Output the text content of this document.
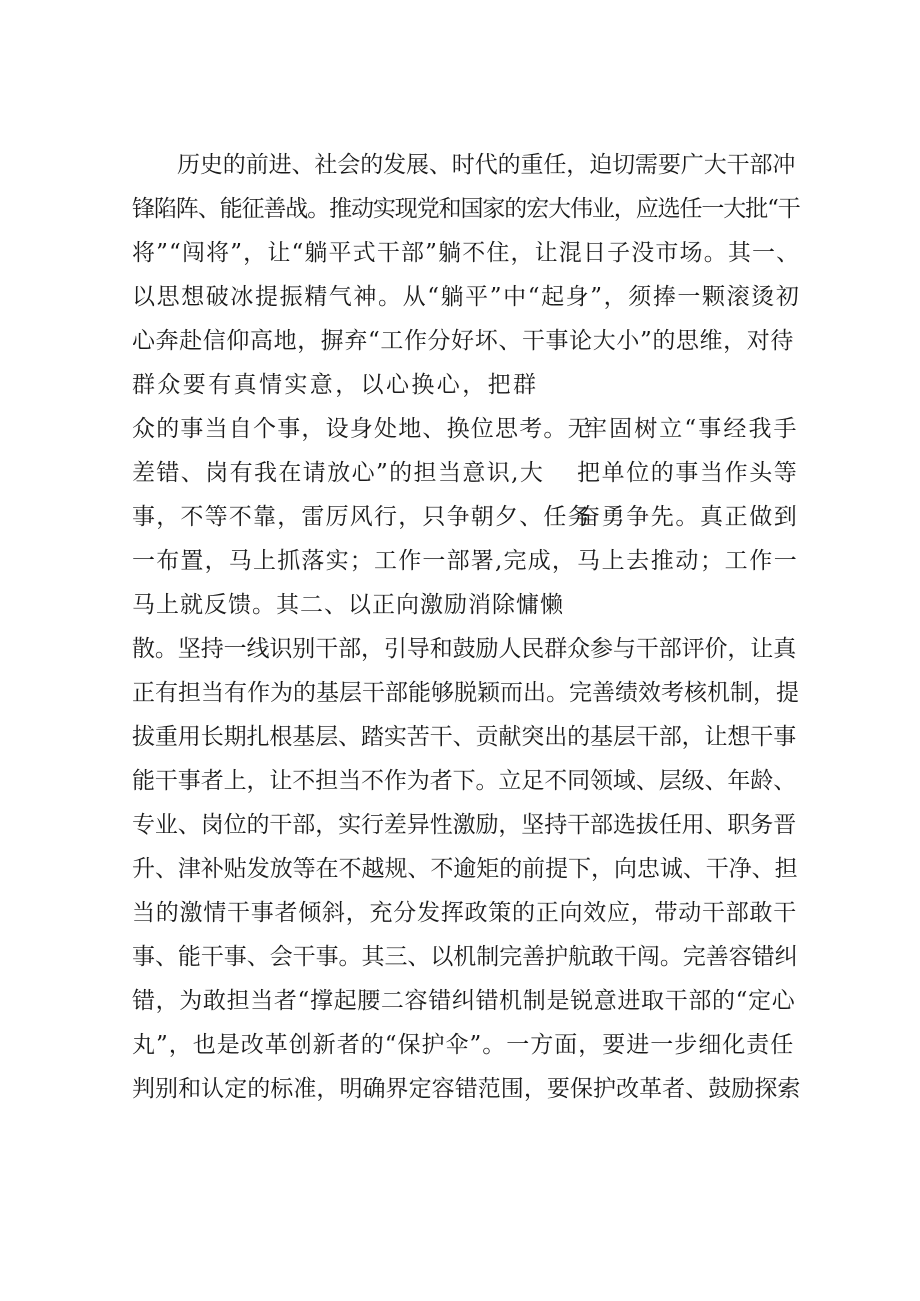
历史的前进、社会的发展、时代的重任，迫切需要广大干部冲
锋陷阵、能征善战。推动实现党和国家的宏大伟业，应选任一大批“干
将”“闯将”，让“躺平式干部”躺不住，让混日子没市场。其一、
以思想破冰提振精气神。从“躺平”中“起身”，须捧一颗滚烫初
心奔赴信仰高地，摒弃“工作分好坏、干事论大小”的思维，对待
群众要有真情实意，以心换心，把群
众的事当自个事，设身处地、换位思考。无
差错、岗有我在请放心”的担当意识,大
事，不等不靠，雷厉风行，只争朝夕、任务
一布置，马上抓落实；工作一部署,完成，
马上就反馈。其二、以正向激励消除慵懒
牢固树立“事经我手
把单位的事当作头等
奋勇争先。真正做到
马上去推动；工作一
散。坚持一线识别干部，引导和鼓励人民群众参与干部评价，让真
正有担当有作为的基层干部能够脱颖而出。完善绩效考核机制，提
拔重用长期扎根基层、踏实苦干、贡献突出的基层干部，让想干事
能干事者上，让不担当不作为者下。立足不同领域、层级、年龄、
专业、岗位的干部，实行差异性激励，坚持干部选拔任用、职务晋
升、津补贴发放等在不越规、不逾矩的前提下，向忠诚、干净、担
当的激情干事者倾斜，充分发挥政策的正向效应，带动干部敢干
事、能干事、会干事。其三、以机制完善护航敢干闯。完善容错纠
错，为敢担当者“撑起腰二容错纠错机制是锐意进取干部的“定心
丸”，也是改革创新者的“保护伞”。一方面，要进一步细化责任
判别和认定的标准，明确界定容错范围，要保护改革者、鼓励探索
